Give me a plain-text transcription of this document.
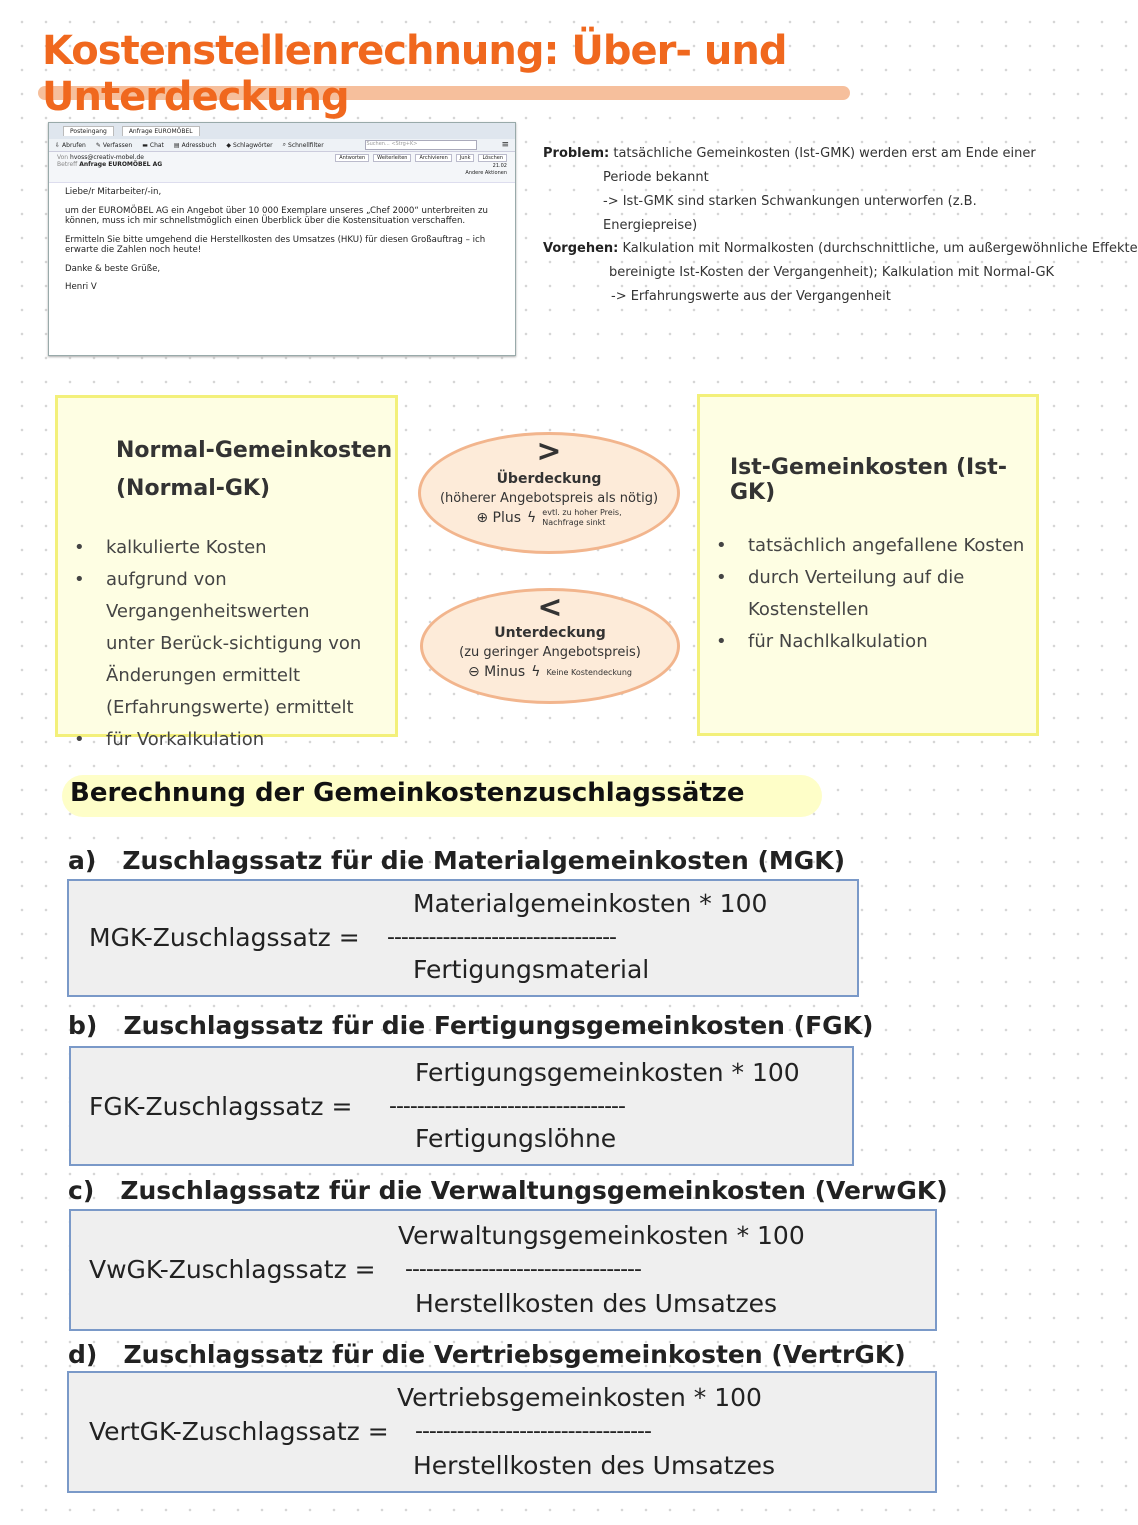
Kostenstellenrechnung: Über- und Unterdeckung
Posteingang	Anfrage EUROMÖBEL
⇩ Abrufen ✎ Verfassen ▬ Chat ▤ Adressbuch ◆ Schlagwörter ⌕ Schnellfilter	Suchen... <Strg+K>	≡
Von hvoss@creativ-mobel.de
Betreff Anfrage EUROMÖBEL AG
Antworten	Weiterleiten	Archivieren	Junk	Löschen
21.02
Andere Aktionen

Liebe/r Mitarbeiter/-in,

um der EUROMÖBEL AG ein Angebot über 10 000 Exemplare unseres „Chef 2000“ unterbreiten zu können, muss ich mir schnellstmöglich einen Überblick über die Kostensituation verschaffen.

Ermitteln Sie bitte umgehend die Herstellkosten des Umsatzes (HKU) für diesen Großauftrag – ich erwarte die Zahlen noch heute!

Danke & beste Grüße,

Henri V

Problem: tatsächliche Gemeinkosten (Ist-GMK) werden erst am Ende einer
Periode bekannt
-> Ist-GMK sind starken Schwankungen unterworfen (z.B. Energiepreise)
Vorgehen: Kalkulation mit Normalkosten (durchschnittliche, um außergewöhnliche Effekte
bereinigte Ist-Kosten der Vergangenheit); Kalkulation mit Normal-GK
-> Erfahrungswerte aus der Vergangenheit
Normal-Gemeinkosten
(Normal-GK)
• kalkulierte Kosten
• aufgrund von Vergangenheitswerten
unter Berück-sichtigung von
Änderungen ermittelt
(Erfahrungswerte) ermittelt
• für Vorkalkulation
>
Überdeckung
(höherer Angebotspreis als nötig)
⊕ Plus ϟ evtl. zu hoher Preis,
Nachfrage sinkt
<
Unterdeckung
(zu geringer Angebotspreis)
⊖ Minus ϟ Keine Kostendeckung
Ist-Gemeinkosten (Ist-GK)
• tatsächlich angefallene Kosten
• durch Verteilung auf die Kostenstellen
• für Nachlkalkulation
Berechnung der Gemeinkostenzuschlagssätze
a) Zuschlagssatz für die Materialgemeinkosten (MGK)
Materialgemeinkosten * 100
MGK-Zuschlagssatz = ---------------------------------
Fertigungsmaterial
b) Zuschlagssatz für die Fertigungsgemeinkosten (FGK)
Fertigungsgemeinkosten * 100
FGK-Zuschlagssatz = ----------------------------------
Fertigungslöhne
c) Zuschlagssatz für die Verwaltungsgemeinkosten (VerwGK)
Verwaltungsgemeinkosten * 100
VwGK-Zuschlagssatz = ----------------------------------
Herstellkosten des Umsatzes
d) Zuschlagssatz für die Vertriebsgemeinkosten (VertrGK)
Vertriebsgemeinkosten * 100
VertGK-Zuschlagssatz = ----------------------------------
Herstellkosten des Umsatzes
